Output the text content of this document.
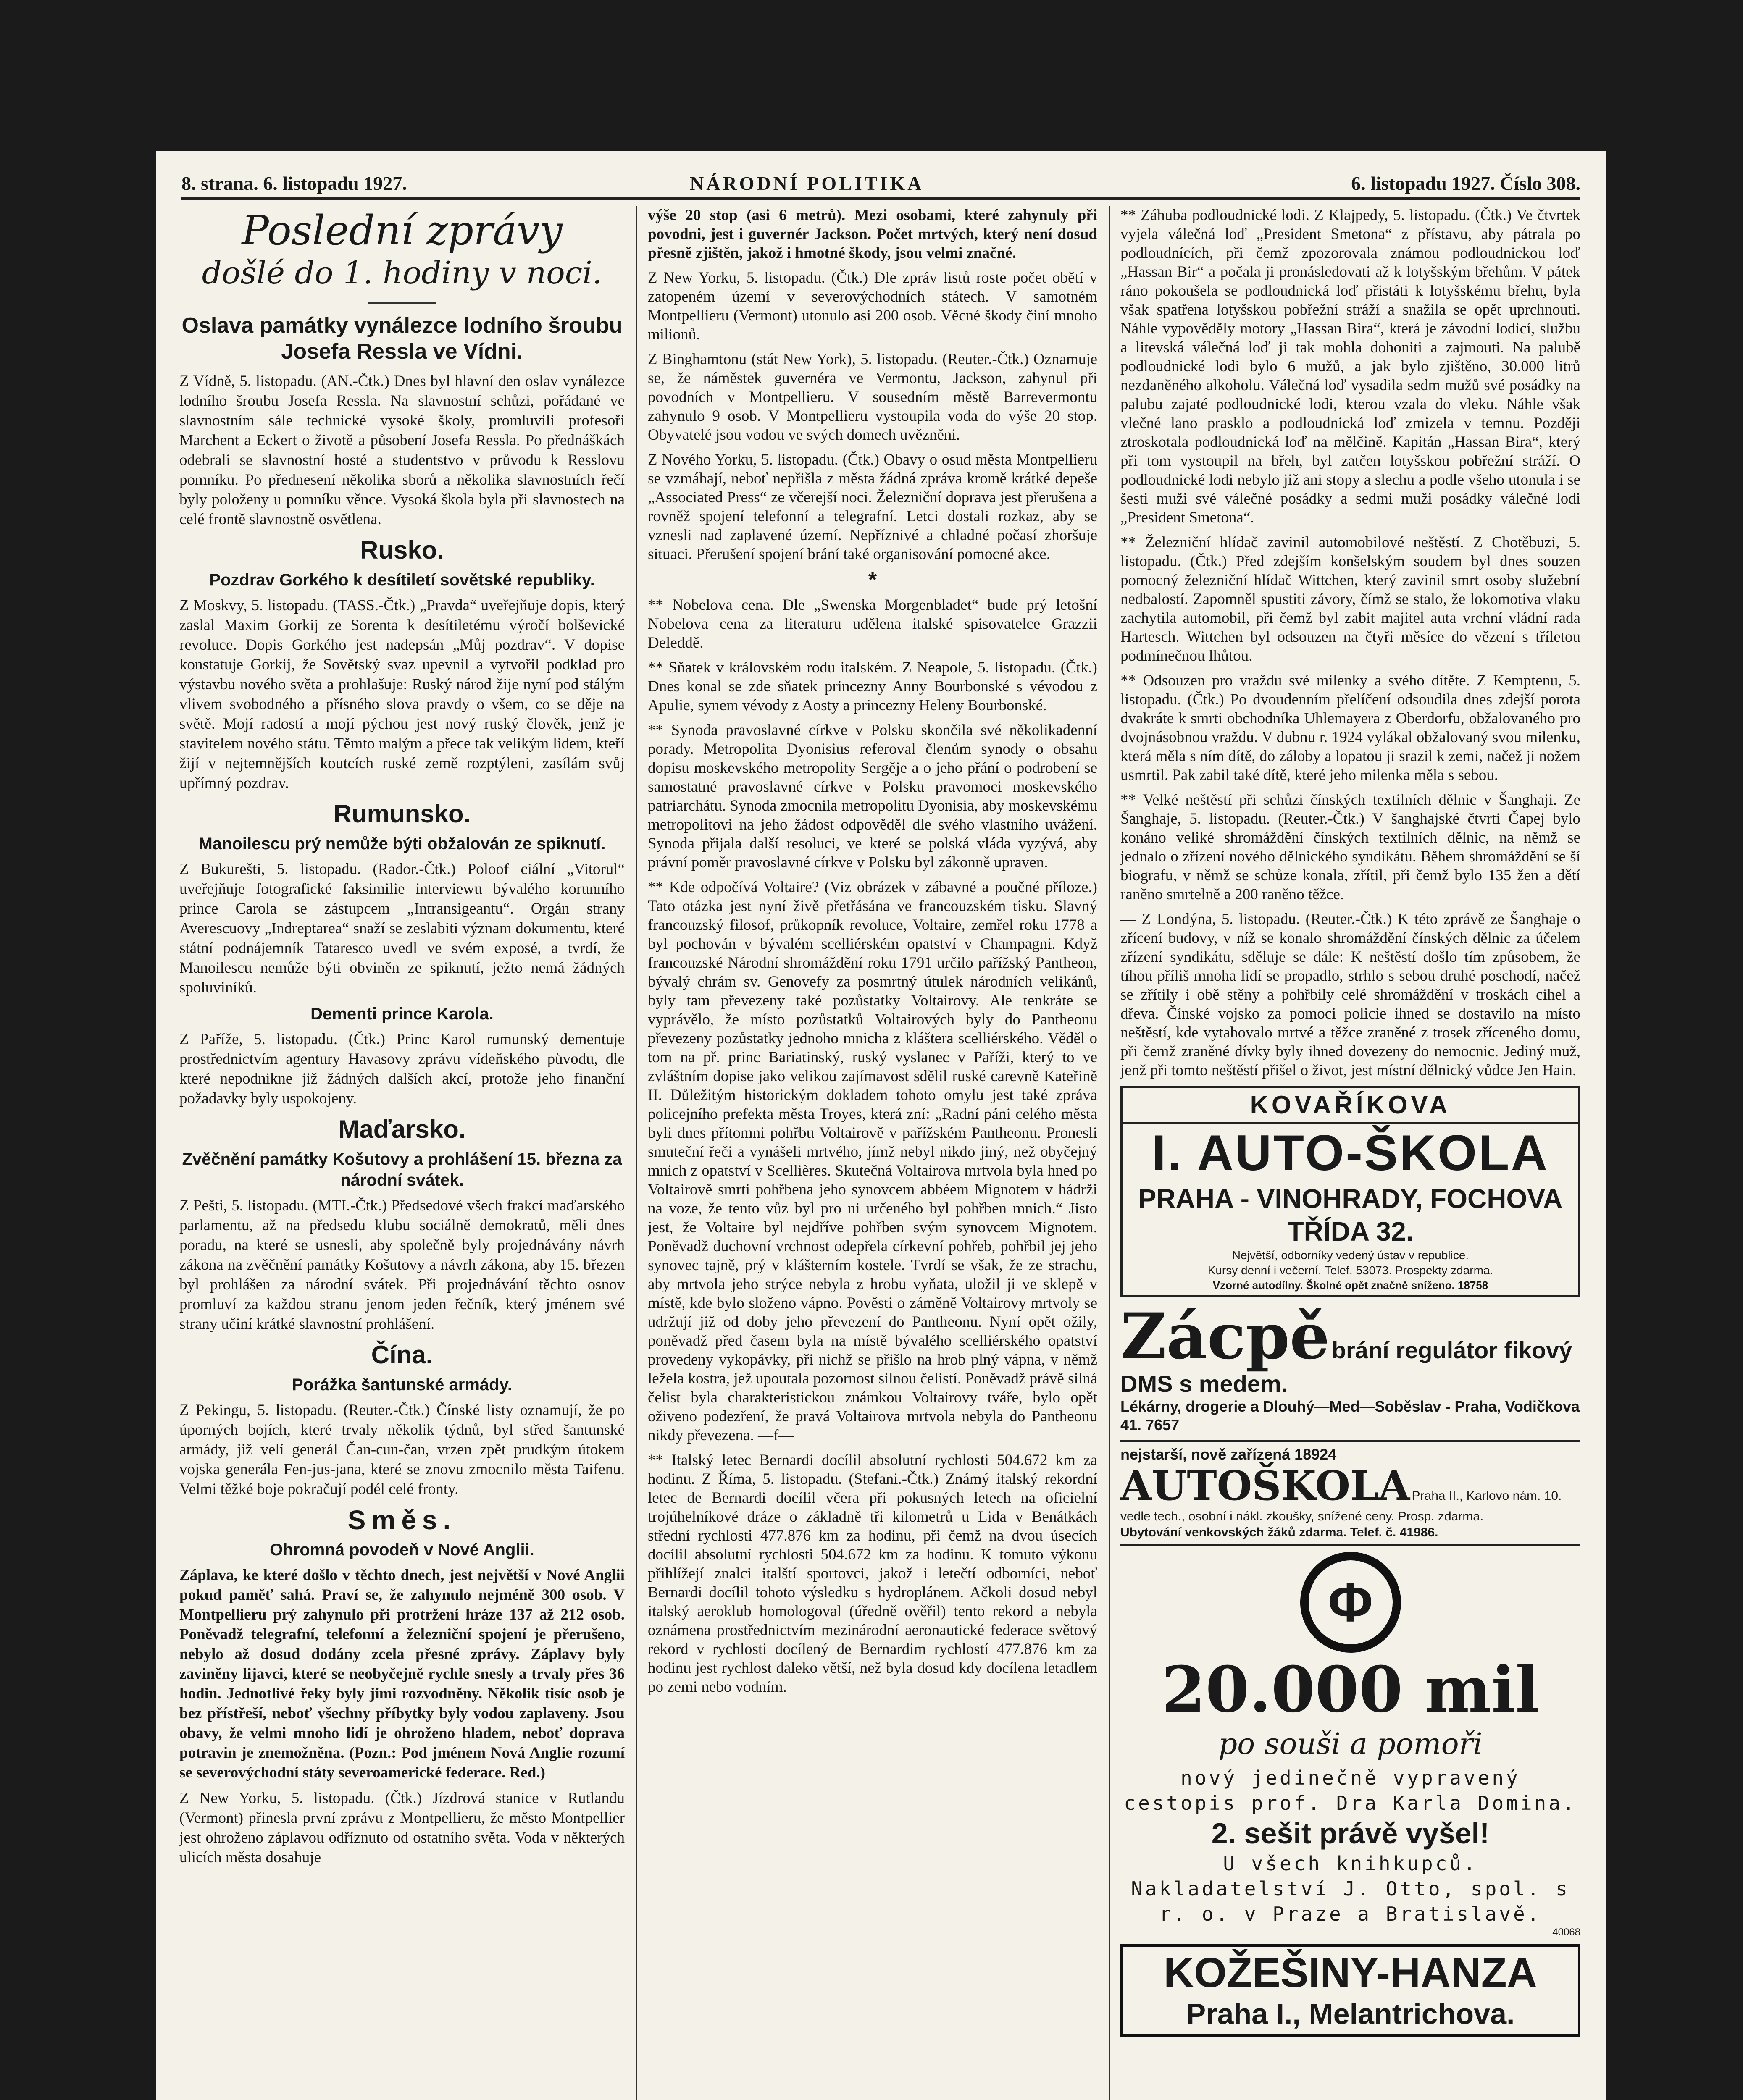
8. strana. 6. listopadu 1927.	NÁRODNÍ POLITIKA	6. listopadu 1927. Číslo 308.
Poslední zprávy
došlé do 1. hodiny v noci.
Oslava památky vynálezce lodního šroubu Josefa Ressla ve Vídni.

Z Vídně, 5. listopadu. (AN.-Čtk.) Dnes byl hlavní den oslav vynálezce lodního šroubu Josefa Ressla. Na slavnostní schůzi, pořádané ve slavnostním sále technické vysoké školy, promluvili profesoři Marchent a Eckert o životě a působení Josefa Ressla. Po přednáškách odebrali se slavnostní hosté a studentstvo v průvodu k Resslovu pomníku. Po přednesení několika sborů a několika slavnostních řečí byly položeny u pomníku věnce. Vysoká škola byla při slavnostech na celé frontě slavnostně osvětlena.

Rusko.
Pozdrav Gorkého k desítiletí sovětské republiky.

Z Moskvy, 5. listopadu. (TASS.-Čtk.) „Pravda“ uveřejňuje dopis, který zaslal Maxim Gorkij ze Sorenta k desítiletému výročí bolševické revoluce. Dopis Gorkého jest nadepsán „Můj pozdrav“. V dopise konstatuje Gorkij, že Sovětský svaz upevnil a vytvořil podklad pro výstavbu nového světa a prohlašuje: Ruský národ žije nyní pod stálým vlivem svobodného a přísného slova pravdy o všem, co se děje na světě. Mojí radostí a mojí pýchou jest nový ruský člověk, jenž je stavitelem nového státu. Těmto malým a přece tak velikým lidem, kteří žijí v nejtemnějších koutcích ruské země rozptýleni, zasílám svůj upřímný pozdrav.

Rumunsko.
Manoilescu prý nemůže býti obžalován ze spiknutí.

Z Bukurešti, 5. listopadu. (Rador.-Čtk.) Poloof ciální „Vitorul“ uveřejňuje fotografické faksimilie interviewu bývalého korunního prince Carola se zástupcem „Intransigeantu“. Orgán strany Averescuovy „Indreptarea“ snaží se zeslabiti význam dokumentu, které státní podnájemník Tataresco uvedl ve svém exposé, a tvrdí, že Manoilescu nemůže býti obviněn ze spiknutí, ježto nemá žádných spoluviníků.

Dementi prince Karola.

Z Paříže, 5. listopadu. (Čtk.) Princ Karol rumunský dementuje prostřednictvím agentury Havasovy zprávu vídeňského původu, dle které nepodnikne již žádných dalších akcí, protože jeho finanční požadavky byly uspokojeny.

Maďarsko.
Zvěčnění památky Košutovy a prohlášení 15. března za národní svátek.

Z Pešti, 5. listopadu. (MTI.-Čtk.) Předsedové všech frakcí maďarského parlamentu, až na předsedu klubu sociálně demokratů, měli dnes poradu, na které se usnesli, aby společně byly projednávány návrh zákona na zvěčnění památky Košutovy a návrh zákona, aby 15. březen byl prohlášen za národní svátek. Při projednávání těchto osnov promluví za každou stranu jenom jeden řečník, který jménem své strany učiní krátké slavnostní prohlášení.

Čína.
Porážka šantunské armády.

Z Pekingu, 5. listopadu. (Reuter.-Čtk.) Čínské listy oznamují, že po úporných bojích, které trvaly několik týdnů, byl střed šantunské armády, již velí generál Čan-cun-čan, vrzen zpět prudkým útokem vojska generála Fen-jus-jana, které se znovu zmocnilo města Taifenu. Velmi těžké boje pokračují podél celé fronty.

Směs.
Ohromná povodeň v Nové Anglii.

Záplava, ke které došlo v těchto dnech, jest největší v Nové Anglii pokud paměť sahá. Praví se, že zahynulo nejméně 300 osob. V Montpellieru prý zahynulo při protržení hráze 137 až 212 osob. Poněvadž telegrafní, telefonní a železniční spojení je přerušeno, nebylo až dosud dodány zcela přesné zprávy. Záplavy byly zaviněny lijavci, které se neobyčejně rychle snesly a trvaly přes 36 hodin. Jednotlivé řeky byly jimi rozvodněny. Několik tisíc osob je bez přístřeší, neboť všechny příbytky byly vodou zaplaveny. Jsou obavy, že velmi mnoho lidí je ohroženo hladem, neboť doprava potravin je znemožněna. (Pozn.: Pod jménem Nová Anglie rozumí se severovýchodní státy severoamerické federace. Red.)

Z New Yorku, 5. listopadu. (Čtk.) Jízdrová stanice v Rutlandu (Vermont) přinesla první zprávu z Montpellieru, že město Montpellier jest ohroženo záplavou odříznuto od ostatního světa. Voda v některých ulicích města dosahuje

výše 20 stop (asi 6 metrů). Mezi osobami, které zahynuly při povodni, jest i guvernér Jackson. Počet mrtvých, který není dosud přesně zjištěn, jakož i hmotné škody, jsou velmi značné.

Z New Yorku, 5. listopadu. (Čtk.) Dle zpráv listů roste počet obětí v zatopeném území v severovýchodních státech. V samotném Montpellieru (Vermont) utonulo asi 200 osob. Věcné škody činí mnoho milionů.

Z Binghamtonu (stát New York), 5. listopadu. (Reuter.-Čtk.) Oznamuje se, že náměstek guvernéra ve Vermontu, Jackson, zahynul při povodních v Montpellieru. V sousedním městě Barrevermontu zahynulo 9 osob. V Montpellieru vystoupila voda do výše 20 stop. Obyvatelé jsou vodou ve svých domech uvězněni.

Z Nového Yorku, 5. listopadu. (Čtk.) Obavy o osud města Montpellieru se vzmáhají, neboť nepřišla z města žádná zpráva kromě krátké depeše „Associated Press“ ze včerejší noci. Železniční doprava jest přerušena a rovněž spojení telefonní a telegrafní. Letci dostali rozkaz, aby se vznesli nad zaplavené území. Nepříznivé a chladné počasí zhoršuje situaci. Přerušení spojení brání také organisování pomocné akce.

*

** Nobelova cena. Dle „Swenska Morgenbladet“ bude prý letošní Nobelova cena za literaturu udělena italské spisovatelce Grazzii Deleddě.

** Sňatek v královském rodu italském. Z Neapole, 5. listopadu. (Čtk.) Dnes konal se zde sňatek princezny Anny Bourbonské s vévodou z Apulie, synem vévody z Aosty a princezny Heleny Bourbonské.

** Synoda pravoslavné církve v Polsku skončila své několikadenní porady. Metropolita Dyonisius referoval členům synody o obsahu dopisu moskevského metropolity Sergěje a o jeho přání o podrobení se samostatné pravoslavné církve v Polsku pravomoci moskevského patriarchátu. Synoda zmocnila metropolitu Dyonisia, aby moskevskému metropolitovi na jeho žádost odpověděl dle svého vlastního uvážení. Synoda přijala další resoluci, ve které se polská vláda vyzývá, aby právní poměr pravoslavné církve v Polsku byl zákonně upraven.

** Kde odpočívá Voltaire? (Viz obrázek v zábavné a poučné příloze.) Tato otázka jest nyní živě přetřásána ve francouzském tisku. Slavný francouzský filosof, průkopník revoluce, Voltaire, zemřel roku 1778 a byl pochován v bývalém scelliérském opatství v Champagni. Když francouzské Národní shromáždění roku 1791 určilo pařížský Pantheon, bývalý chrám sv. Genovefy za posmrtný útulek národních velikánů, byly tam převezeny také pozůstatky Voltairovy. Ale tenkráte se vyprávělo, že místo pozůstatků Voltairových byly do Pantheonu převezeny pozůstatky jednoho mnicha z kláštera scelliérského. Věděl o tom na př. princ Bariatinský, ruský vyslanec v Paříži, který to ve zvláštním dopise jako velikou zajímavost sdělil ruské carevně Kateřině II. Důležitým historickým dokladem tohoto omylu jest také zpráva policejního prefekta města Troyes, která zní: „Radní páni celého města byli dnes přítomni pohřbu Voltairově v pařížském Pantheonu. Pronesli smuteční řeči a vynášeli mrtvého, jímž nebyl nikdo jiný, než obyčejný mnich z opatství v Scellières. Skutečná Voltairova mrtvola byla hned po Voltairově smrti pohřbena jeho synovcem abbéem Mignotem v hádrži na voze, že tento vůz byl pro ni určeného byl pohřben mnich.“ Jisto jest, že Voltaire byl nejdříve pohřben svým synovcem Mignotem. Poněvadž duchovní vrchnost odepřela církevní pohřeb, pohřbil jej jeho synovec tajně, prý v klášterním kostele. Tvrdí se však, že ze strachu, aby mrtvola jeho strýce nebyla z hrobu vyňata, uložil ji ve sklepě v místě, kde bylo složeno vápno. Pověsti o záměně Voltairovy mrtvoly se udržují již od doby jeho převezení do Pantheonu. Nyní opět ožily, poněvadž před časem byla na místě bývalého scelliérského opatství provedeny vykopávky, při nichž se přišlo na hrob plný vápna, v němž ležela kostra, jež upoutala pozornost silnou čelistí. Poněvadž právě silná čelist byla charakteristickou známkou Voltairovy tváře, bylo opět oživeno podezření, že pravá Voltairova mrtvola nebyla do Pantheonu nikdy převezena. —f—

** Italský letec Bernardi docílil absolutní rychlosti 504.672 km za hodinu. Z Říma, 5. listopadu. (Stefani.-Čtk.) Známý italský rekordní letec de Bernardi docílil včera při pokusných letech na oficielní trojúhelníkové dráze o základně tři kilometrů u Lida v Benátkách střední rychlosti 477.876 km za hodinu, při čemž na dvou úsecích docílil absolutní rychlosti 504.672 km za hodinu. K tomuto výkonu přihlížejí znalci italští sportovci, jakož i letečtí odborníci, neboť Bernardi docílil tohoto výsledku s hydroplánem. Ačkoli dosud nebyl italský aeroklub homologoval (úředně ověřil) tento rekord a nebyla oznámena prostřednictvím mezinárodní aeronautické federace světový rekord v rychlosti docílený de Bernardim rychlostí 477.876 km za hodinu jest rychlost daleko větší, než byla dosud kdy docílena letadlem po zemi nebo vodním.

** Záhuba podloudnické lodi. Z Klajpedy, 5. listopadu. (Čtk.) Ve čtvrtek vyjela válečná loď „President Smetona“ z přístavu, aby pátrala po podloudnících, při čemž zpozorovala známou podloudnickou loď „Hassan Bir“ a počala ji pronásledovati až k lotyšským břehům. V pátek ráno pokoušela se podloudnická loď přistáti k lotyšskému břehu, byla však spatřena lotyšskou pobřežní stráží a snažila se opět uprchnouti. Náhle vypověděly motory „Hassan Bira“, která je závodní lodicí, službu a litevská válečná loď ji tak mohla dohoniti a zajmouti. Na palubě podloudnické lodi bylo 6 mužů, a jak bylo zjištěno, 30.000 litrů nezdaněného alkoholu. Válečná loď vysadila sedm mužů své posádky na palubu zajaté podloudnické lodi, kterou vzala do vleku. Náhle však vlečné lano prasklo a podloudnická loď zmizela v temnu. Později ztroskotala podloudnická loď na mělčině. Kapitán „Hassan Bira“, který při tom vystoupil na břeh, byl zatčen lotyšskou pobřežní stráží. O podloudnické lodi nebylo již ani stopy a slechu a podle všeho utonula i se šesti muži své válečné posádky a sedmi muži posádky válečné lodi „President Smetona“.

** Železniční hlídač zavinil automobilové neštěstí. Z Chotěbuzi, 5. listopadu. (Čtk.) Před zdejším konšelským soudem byl dnes souzen pomocný železniční hlídač Wittchen, který zavinil smrt osoby služební nedbalostí. Zapomněl spustiti závory, čímž se stalo, že lokomotiva vlaku zachytila automobil, při čemž byl zabit majitel auta vrchní vládní rada Hartesch. Wittchen byl odsouzen na čtyři měsíce do vězení s tříletou podmínečnou lhůtou.

** Odsouzen pro vraždu své milenky a svého dítěte. Z Kemptenu, 5. listopadu. (Čtk.) Po dvoudenním přelíčení odsoudila dnes zdejší porota dvakráte k smrti obchodníka Uhlemayera z Oberdorfu, obžalovaného pro dvojnásobnou vraždu. V dubnu r. 1924 vylákal obžalovaný svou milenku, která měla s ním dítě, do záloby a lopatou ji srazil k zemi, načež ji nožem usmrtil. Pak zabil také dítě, které jeho milenka měla s sebou.

** Velké neštěstí při schůzi čínských textilních dělnic v Šanghaji. Ze Šanghaje, 5. listopadu. (Reuter.-Čtk.) V šanghajské čtvrti Čapej bylo konáno veliké shromáždění čínských textilních dělnic, na němž se jednalo o zřízení nového dělnického syndikátu. Během shromáždění se ší biografu, v němž se schůze konala, zřítil, při čemž bylo 135 žen a dětí raněno smrtelně a 200 raněno těžce.

— Z Londýna, 5. listopadu. (Reuter.-Čtk.) K této zprávě ze Šanghaje o zřícení budovy, v níž se konalo shromáždění čínských dělnic za účelem zřízení syndikátu, sděluje se dále: K neštěstí došlo tím způsobem, že tíhou příliš mnoha lidí se propadlo, strhlo s sebou druhé poschodí, načež se zřítily i obě stěny a pohřbily celé shromáždění v troskách cihel a dřeva. Čínské vojsko za pomoci policie ihned se dostavilo na místo neštěstí, kde vytahovalo mrtvé a těžce zraněné z trosek zříceného domu, při čemž zraněné dívky byly ihned dovezeny do nemocnic. Jediný muž, jenž při tomto neštěstí přišel o život, jest místní dělnický vůdce Jen Hain.

KOVAŘÍKOVA
I. AUTO-ŠKOLA
PRAHA - VINOHRADY, FOCHOVA TŘÍDA 32.
Největší, odborníky vedený ústav v republice.
Kursy denní i večerní. Telef. 53073. Prospekty zdarma.
Vzorné autodílny. Školné opět značně sníženo. 18758
Zácpě brání regulátor fikový DMS s medem.
Lékárny, drogerie a Dlouhý—Med—Soběslav - Praha, Vodičkova 41. 7657
nejstarší, nově zařízená 18924
AUTOŠKOLA Praha II., Karlovo nám. 10. vedle tech., osobní i nákl. zkoušky, snížené ceny. Prosp. zdarma.
Ubytování venkovských žáků zdarma. Telef. č. 41986.
Φ 20.000 mil
po souši a pomoři
nový jedinečně vypravený cestopis prof. Dra Karla Domina.
2. sešit právě vyšel!
U všech knihkupců. Nakladatelství J. Otto, spol. s r. o. v Praze a Bratislavě.
40068
KOŽEŠINY-HANZA
Praha I., Melantrichova.
